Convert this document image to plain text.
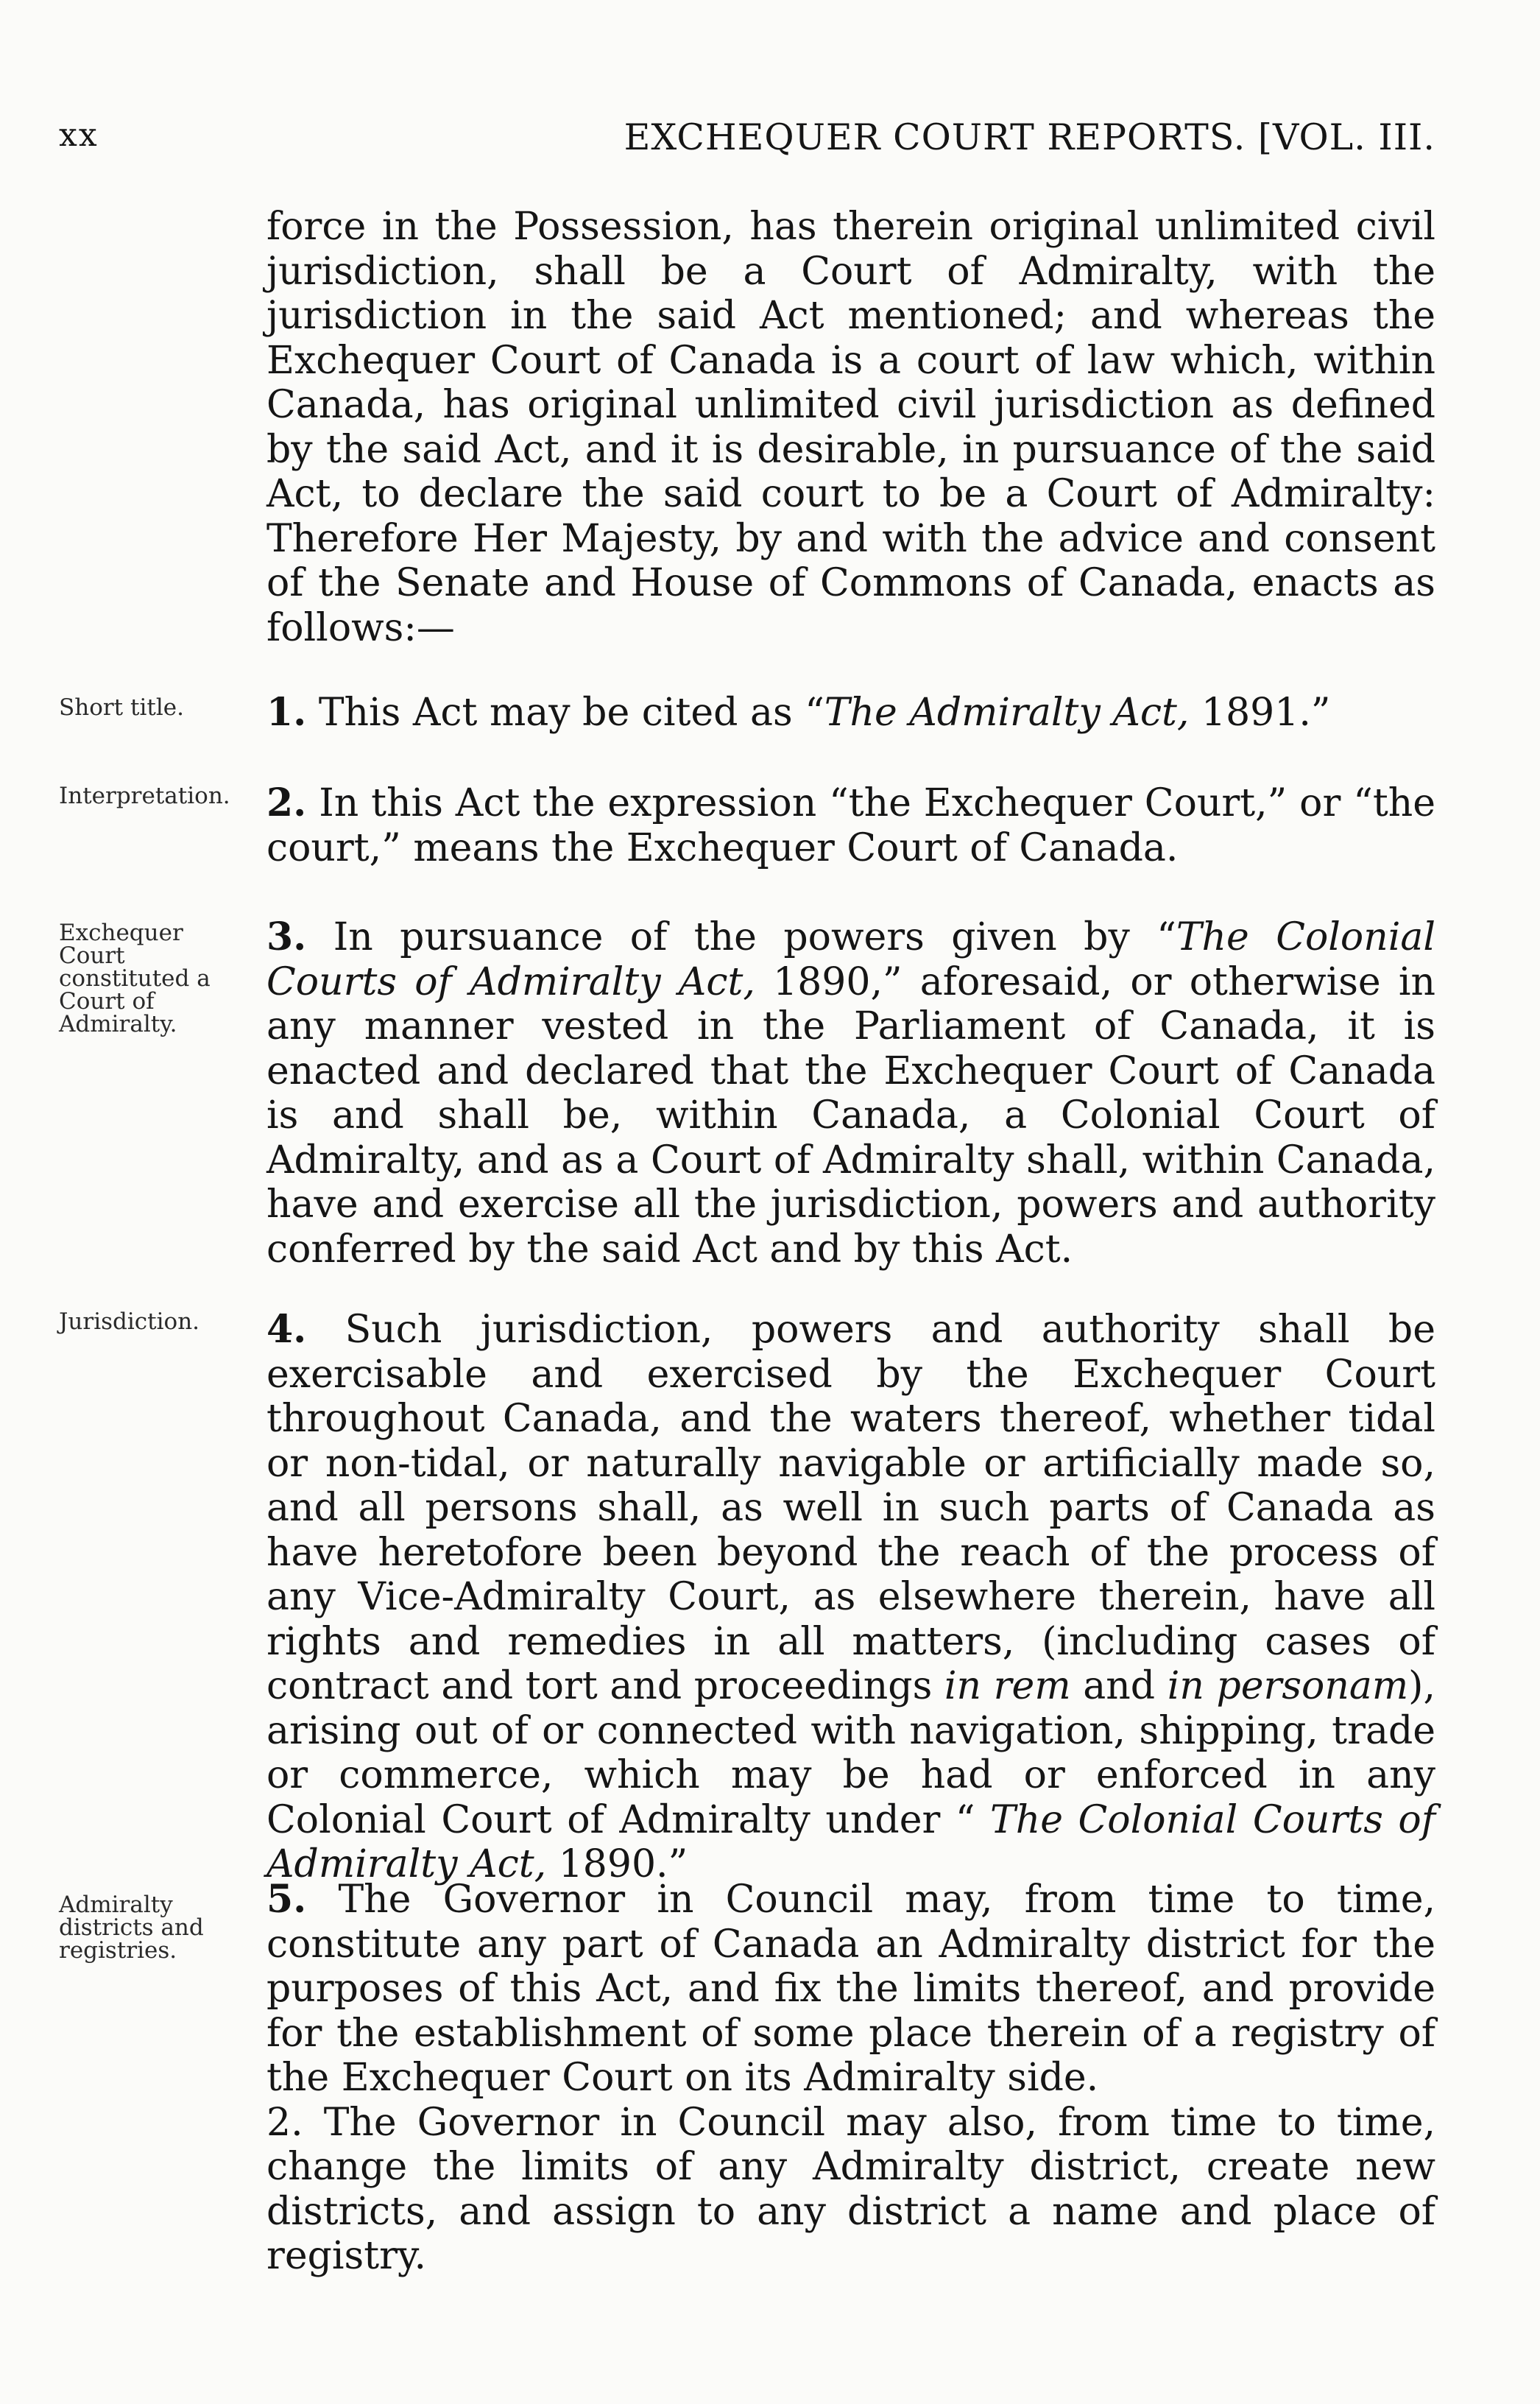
xx	EXCHEQUER COURT REPORTS. [VOL. III.

force in the Possession, has therein original unlimited civil jurisdiction, shall be a Court of Admiralty, with the jurisdiction in the said Act mentioned; and whereas the Exchequer Court of Canada is a court of law which, within Canada, has original unlimited civil jurisdiction as defined by the said Act, and it is desirable, in pursuance of the said Act, to declare the said court to be a Court of Admiralty: Therefore Her Majesty, by and with the advice and consent of the Senate and House of Commons of Canada, enacts as follows:—

Short title.	1. This Act may be cited as “The Admiralty Act, 1891.”

Interpretation. 2. In this Act the expression “the Exchequer Court,” or “the court,” means the Exchequer Court of Canada.

Exchequer Court constituted a Court of Admiralty.

3. In pursuance of the powers given by “The Colonial Courts of Admiralty Act, 1890,” aforesaid, or otherwise in any manner vested in the Parliament of Canada, it is enacted and declared that the Exchequer Court of Canada is and shall be, within Canada, a Colonial Court of Admiralty, and as a Court of Admiralty shall, within Canada, have and exercise all the jurisdiction, powers and authority conferred by the said Act and by this Act.

Jurisdiction.	4. Such jurisdiction, powers and authority shall be exercisable and exercised by the Exchequer Court throughout Canada, and the waters thereof, whether tidal or non-tidal, or naturally navigable or artificially made so, and all persons shall, as well in such parts of Canada as have heretofore been beyond the reach of the process of any Vice-Admiralty Court, as elsewhere therein, have all rights and remedies in all matters, (including cases of contract and tort and proceedings in rem and in personam), arising out of or connected with navigation, shipping, trade or commerce, which may be had or enforced in any Colonial Court of Admiralty under “ The Colonial Courts of Admiralty Act, 1890.”

Admiralty districts and registries.

5. The Governor in Council may, from time to time, constitute any part of Canada an Admiralty district for the purposes of this Act, and fix the limits thereof, and provide for the establishment of some place therein of a registry of the Exchequer Court on its Admiralty side.

2. The Governor in Council may also, from time to time, change the limits of any Admiralty district, create new districts, and assign to any district a name and place of registry.
